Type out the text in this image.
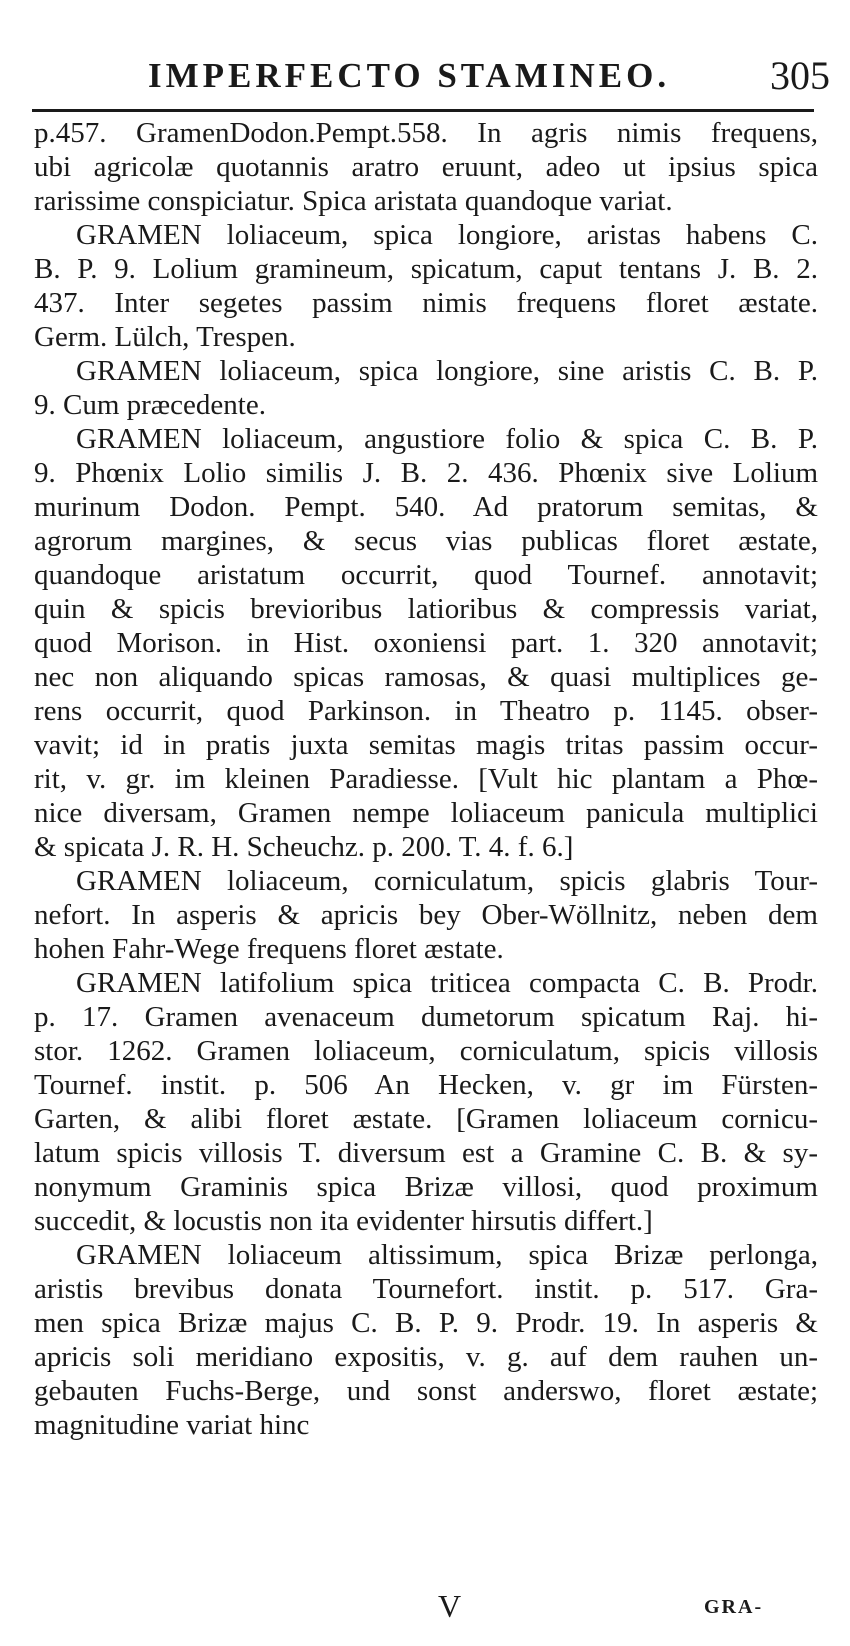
IMPERFECTO STAMINEO. 305
p.457. GramenDodon.Pempt.558. In agris nimis frequens,
ubi agricolæ quotannis aratro eruunt, adeo ut ipsius spica
rarissime conspiciatur. Spica aristata quandoque variat.
GRAMEN loliaceum, spica longiore, aristas habens C.
B. P. 9. Lolium gramineum, spicatum, caput tentans J. B. 2.
437. Inter segetes passim nimis frequens floret æstate.
Germ. Lülch, Trespen.
GRAMEN loliaceum, spica longiore, sine aristis C. B. P.
9. Cum præcedente.
GRAMEN loliaceum, angustiore folio & spica C. B. P.
9. Phœnix Lolio similis J. B. 2. 436. Phœnix sive Lolium
murinum Dodon. Pempt. 540. Ad pratorum semitas, &
agrorum margines, & secus vias publicas floret æstate,
quandoque aristatum occurrit, quod Tournef. annotavit;
quin & spicis brevioribus latioribus & compressis variat,
quod Morison. in Hist. oxoniensi part. 1. 320 annotavit;
nec non aliquando spicas ramosas, & quasi multiplices ge-
rens occurrit, quod Parkinson. in Theatro p. 1145. obser-
vavit; id in pratis juxta semitas magis tritas passim occur-
rit, v. gr. im kleinen Paradiesse. [Vult hic plantam a Phœ-
nice diversam, Gramen nempe loliaceum panicula multiplici
& spicata J. R. H. Scheuchz. p. 200. T. 4. f. 6.]
GRAMEN loliaceum, corniculatum, spicis glabris Tour-
nefort. In asperis & apricis bey Ober-Wöllnitz, neben dem
hohen Fahr-Wege frequens floret æstate.
GRAMEN latifolium spica triticea compacta C. B. Prodr.
p. 17. Gramen avenaceum dumetorum spicatum Raj. hi-
stor. 1262. Gramen loliaceum, corniculatum, spicis villosis
Tournef. instit. p. 506 An Hecken, v. gr im Fürsten-
Garten, & alibi floret æstate. [Gramen loliaceum cornicu-
latum spicis villosis T. diversum est a Gramine C. B. & sy-
nonymum Graminis spica Brizæ villosi, quod proximum
succedit, & locustis non ita evidenter hirsutis differt.]
GRAMEN loliaceum altissimum, spica Brizæ perlonga,
aristis brevibus donata Tournefort. instit. p. 517. Gra-
men spica Brizæ majus C. B. P. 9. Prodr. 19. In asperis &
apricis soli meridiano expositis, v. g. auf dem rauhen un-
gebauten Fuchs-Berge, und sonst anderswo, floret æstate;
magnitudine variat hinc
V	GRA-
